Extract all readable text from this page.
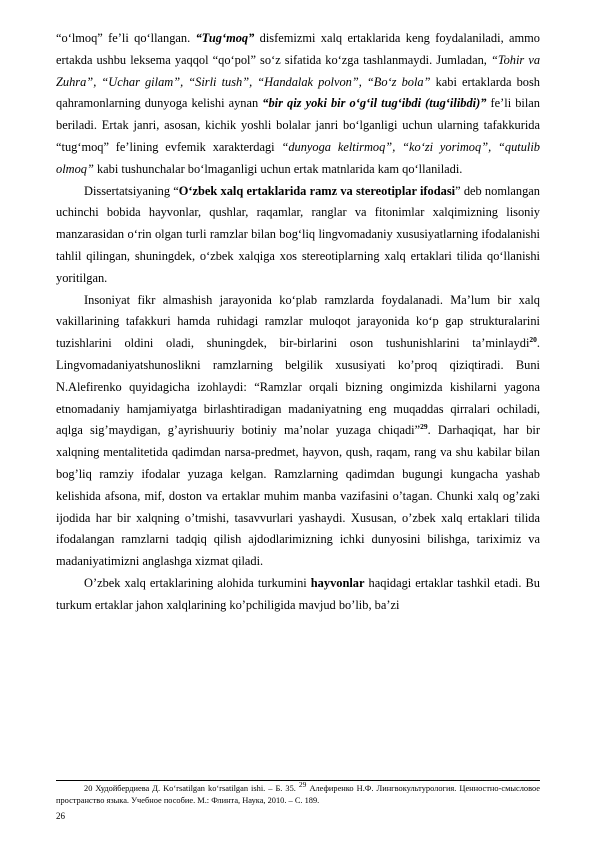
“o‘lmoq” fe’li qo‘llangan. “Tug‘moq” disfemizmi xalq ertaklarida keng foydalaniladi, ammo ertakda ushbu leksema yaqqol “qo‘pol” so‘z sifatida ko‘zga tashlanmaydi. Jumladan, “Tohir va Zuhra”, “Uchar gilam”, “Sirli tush”, “Handalak polvon”, “Bo‘z bola” kabi ertaklarda bosh qahramonlarning dunyoga kelishi aynan “bir qiz yoki bir o‘g‘il tug‘ibdi (tug‘ilibdi)” fe’li bilan beriladi. Ertak janri, asosan, kichik yoshli bolalar janri bo‘lganligi uchun ularning tafakkurida “tug‘moq” fe’lining evfemik xarakterdagi “dunyoga keltirmoq”, “ko‘zi yorimoq”, “qutulib olmoq” kabi tushunchalar bo‘lmaganligi uchun ertak matnlarida kam qo‘llaniladi.

Dissertatsiyaning “O‘zbek xalq ertaklarida ramz va stereotiplar ifodasi” deb nomlangan uchinchi bobida hayvonlar, qushlar, raqamlar, ranglar va fitonimlar xalqimizning lisoniy manzarasidan o‘rin olgan turli ramzlar bilan bog‘liq lingvomadaniy xususiyatlarning ifodalanishi tahlil qilingan, shuningdek, o‘zbek xalqiga xos stereotiplarning xalq ertaklari tilida qo‘llanishi yoritilgan.

Insoniyat fikr almashish jarayonida ko‘plab ramzlarda foydalanadi. Ma’lum bir xalq vakillarining tafakkuri hamda ruhidagi ramzlar muloqot jarayonida ko‘p gap strukturalarini tuzishlarini oldini oladi, shuningdek, bir-birlarini oson tushunishlarini ta’minlaydi$^{20}$. Lingvomadaniyatshunoslikni ramzlarning belgilik xususiyati ko’proq qiziqtiradi. Buni N.Alefirenko quyidagicha izohlaydi: “Ramzlar orqali bizning ongimizda kishilarni yagona etnomadaniy hamjamiyatga birlashtiradigan madaniyatning eng muqaddas qirralari ochiladi, aqlga sig’maydigan, g’ayrishuuriy botiniy ma’nolar yuzaga chiqadi”$^{29}$. Darhaqiqat, har bir xalqning mentalitetida qadimdan narsa-predmet, hayvon, qush, raqam, rang va shu kabilar bilan bog’liq ramziy ifodalar yuzaga kelgan. Ramzlarning qadimdan bugungi kungacha yashab kelishida afsona, mif, doston va ertaklar muhim manba vazifasini o’tagan. Chunki xalq og’zaki ijodida har bir xalqning o’tmishi, tasavvurlari yashaydi. Xususan, o’zbek xalq ertaklari tilida ifodalangan ramzlarni tadqiq qilish ajdodlarimizning ichki dunyosini bilishga, tariximiz va madaniyatimizni anglashga xizmat qiladi.

O’zbek xalq ertaklarining alohida turkumini hayvonlar haqidagi ertaklar tashkil etadi. Bu turkum ertaklar jahon xalqlarining ko’pchiligida mavjud bo’lib, ba’zi

20 Худойбердиева Д. Ko‘rsatilgan ko‘rsatilgan ishi. – Б. 35. $^{29}$ Алефиренко Н.Ф. Лингвокультурология. Ценностно-смысловое пространство языка. Учебное пособие. М.: Флинта, Наука, 2010. – С. 189.

26
